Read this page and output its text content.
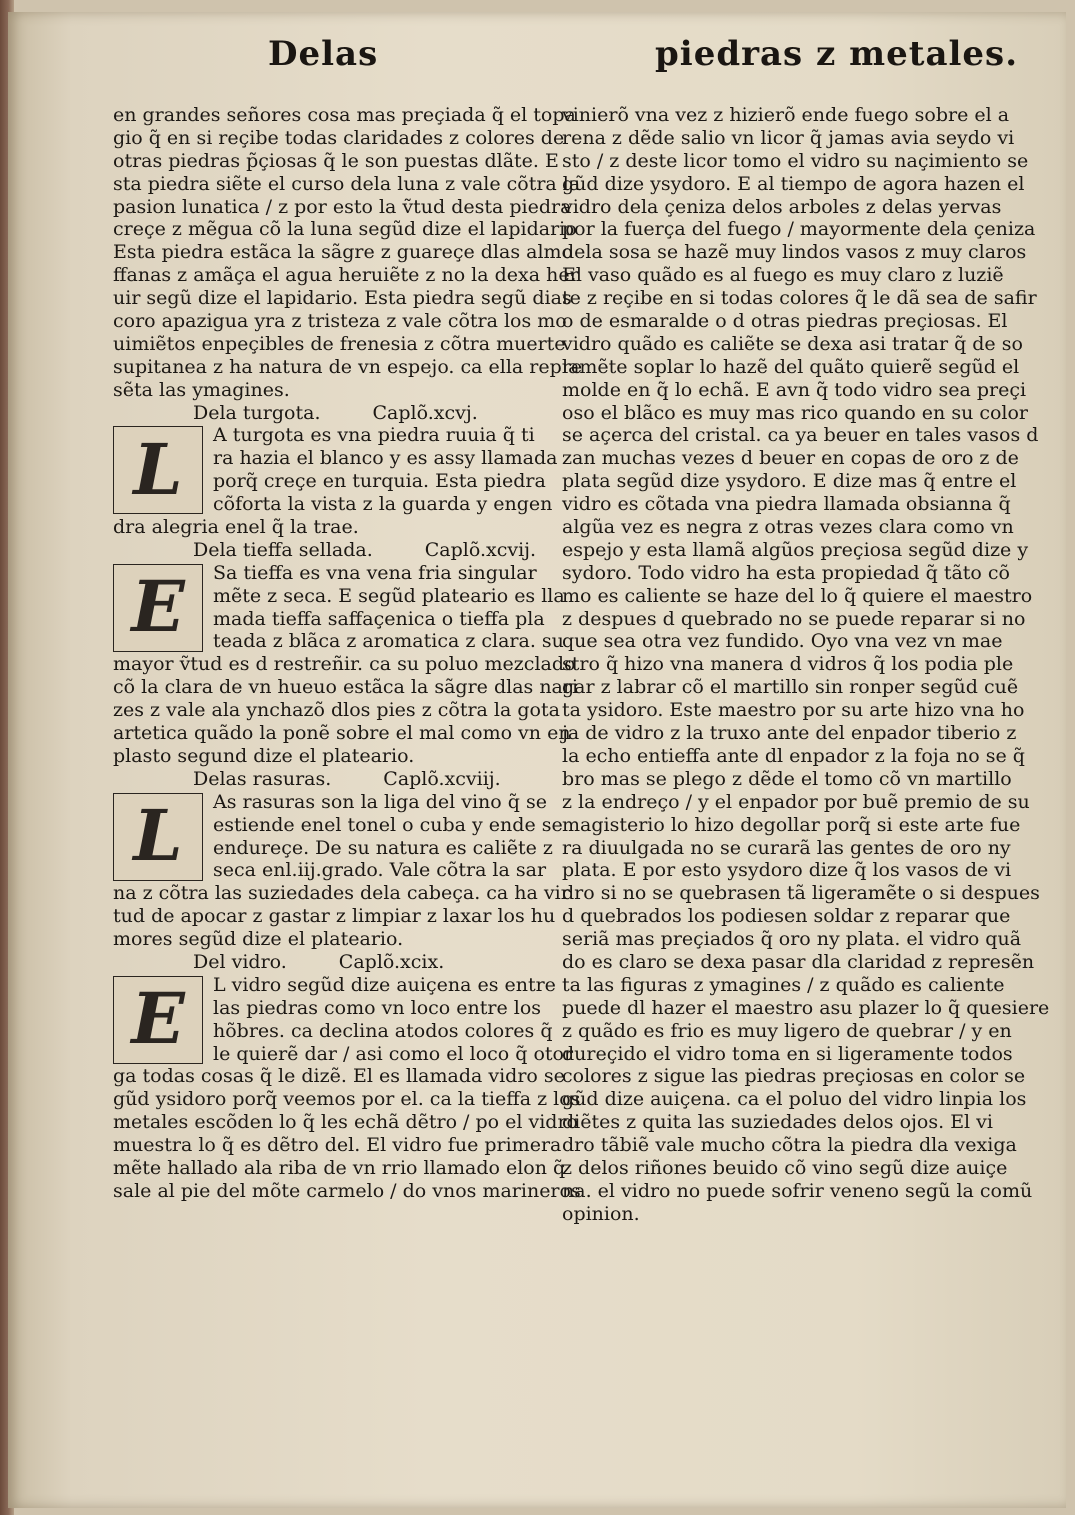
Delas	piedras z metales.
en grandes señores cosa mas preçiada q̃ el topa
gio q̃ en si reçibe todas claridades z colores de
otras piedras p̃çiosas q̃ le son puestas dlãte. E
sta piedra siẽte el curso dela luna z vale cõtra la
pasion lunatica / z por esto la ṽtud desta piedra
creçe z mẽgua cõ la luna segũd dize el lapidario
Esta piedra estãca la sãgre z guareçe dlas almo
ffanas z amãça el agua heruiẽte z no la dexa her
uir segũ dize el lapidario. Esta piedra segũ dias
coro apaziguа yra z tristeza z vale cõtra los mo
uimiẽtos enpeçibles de frenesia z cõtra muerte
supitanea z ha natura de vn espejo. ca ella repre
sẽta las ymagines.
Dela turgota.	Caplõ.xcvj.
L	A turgota es vna piedra ruuia q̃ ti
ra hazia el blanco y es assy llamada
porq̃ creçe en turquia. Esta piedra
cõforta la vista z la guarda y engen
dra alegria enel q̃ la trae.
Dela tieffa sellada.	Caplõ.xcvij.
E	Sa tieffa es vna vena fria singular
mẽte z seca. E segũd plateario es lla
mada tieffa saffaçenica o tieffa pla
teada z blãca z aromatica z clara. su
mayor ṽtud es d restreñir. ca su poluo mezclado
cõ la clara de vn hueuo estãca la sãgre dlas nari
zes z vale ala ynchazõ dlos pies z cõtra la gota
artetica quãdo la ponẽ sobre el mal como vn en
plasto segund dize el plateario.
Delas rasuras.	Caplõ.xcviij.
L	As rasuras son la liga del vino q̃ se
estiende enel tonel o cuba y ende se
endureçe. De su natura es caliẽte z
seca enl.iij.grado. Vale cõtra la sar
na z cõtra las suziedades dela cabeça. ca ha vir
tud de apocar z gastar z limpiar z laxar los hu
mores segũd dize el plateario.
Del vidro.	Caplõ.xcix.
E	L vidro segũd dize auiçena es entre
las piedras como vn loco entre los
hõbres. ca declina atodos colores q̃
le quierẽ dar / asi como el loco q̃ otor
ga todas cosas q̃ le dizẽ. El es llamada vidro se
gũd ysidoro porq̃ veemos por el. ca la tieffa z los
metales escõden lo q̃ les echã dẽtro / po el vidro
muestra lo q̃ es dẽtro del. El vidro fue primera
mẽte hallado ala riba de vn rrio llamado elon q̃
sale al pie del mõte carmelo / do vnos marineros
vinierõ vna vez z hizierõ ende fuego sobre el a
rena z dẽde salio vn licor q̃ jamas avia seydo vi
sto / z deste licor tomo el vidro su naçimiento se
gũd dize ysydoro. E al tiempo de agora hazen el
vidro dela çeniza delos arboles z delas yervas
por la fuerça del fuego / mayormente dela çeniza
dela sosa se hazẽ muy lindos vasos z muy claros
El vaso quãdo es al fuego es muy claro z luziẽ
te z reçibe en si todas colores q̃ le dã sea de safir
o de esmaralde o d otras piedras preçiosas. El
vidro quãdo es caliẽte se dexa asi tratar q̃ de so
lamẽte soplar lo hazẽ del quãto quierẽ segũd el
molde en q̃ lo echã. E avn q̃ todo vidro sea preçi
oso el blãco es muy mas rico quando en su color
se açerca del cristal. ca ya beuer en tales vasos d
zan muchas vezes d beuer en copas de oro z de
plata segũd dize ysydoro. E dize mas q̃ entre el
vidro es cõtada vna piedra llamada obsianna q̃
algũa vez es negra z otras vezes clara como vn
espejo y esta llamã algũos preçiosa segũd dize y
sydoro. Todo vidro ha esta propiedad q̃ tãto cõ
mo es caliente se haze del lo q̃ quiere el maestro
z despues d quebrado no se puede reparar si no
que sea otra vez fundido. Oyo vna vez vn mae
stro q̃ hizo vna manera d vidros q̃ los podia ple
gar z labrar cõ el martillo sin ronper segũd cuẽ
ta ysidoro. Este maestro por su arte hizo vna ho
ja de vidro z la truxo ante del enpador tiberio z
la echo entieffa ante dl enpador z la foja no se q̃
bro mas se plego z dẽde el tomo cõ vn martillo
z la endreço / y el enpador por buẽ premio de su
magisterio lo hizo degollar porq̃ si este arte fue
ra diuulgada no se curarã las gentes de oro ny
plata. E por esto ysydoro dize q̃ los vasos de vi
dro si no se quebrasen tã ligeramẽte o si despues
d quebrados los podiesen soldar z reparar que
seriã mas preçiados q̃ oro ny plata. el vidro quã
do es claro se dexa pasar dla claridad z represẽn
ta las figuras z ymagines / z quãdo es caliente
puede dl hazer el maestro asu plazer lo q̃ quesiere
z quãdo es frio es muy ligero de quebrar / y en
dureçido el vidro toma en si ligeramente todos
colores z sigue las piedras preçiosas en color se
gũd dize auiçena. ca el poluo del vidro linpia los
diẽtes z quita las suziedades delos ojos. El vi
dro tãbiẽ vale mucho cõtra la piedra dla vexiga
z delos riñones beuido cõ vino segũ dize auiçe
na. el vidro no puede sofrir veneno segũ la comũ
opinion.
